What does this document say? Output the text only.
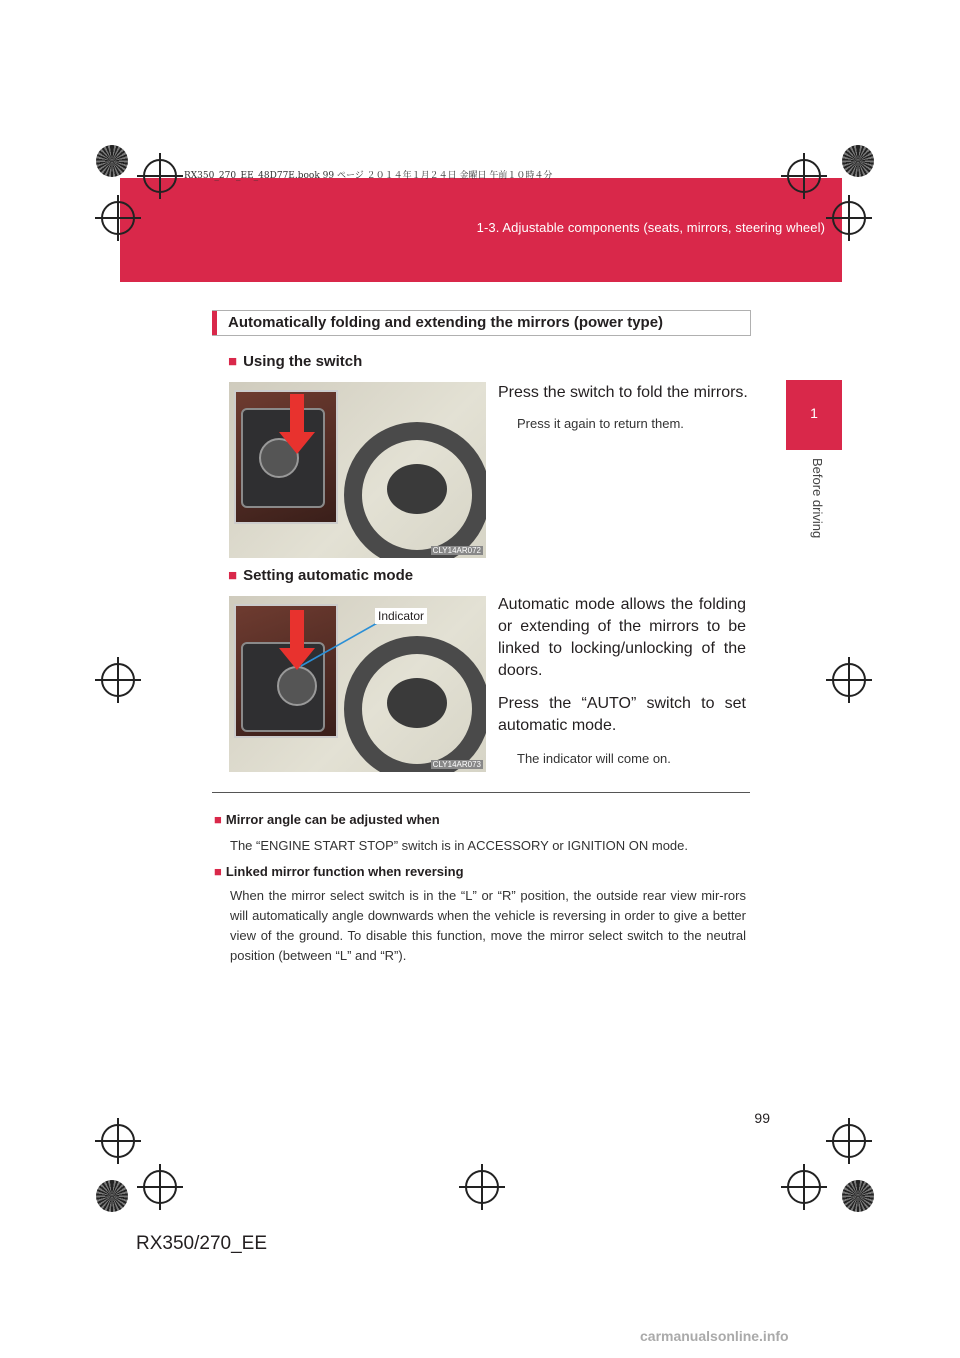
RX350_270_EE_48D77E.book 99 ページ ２０１４年１月２４日 金曜日 午前１０時４分
1-3. Adjustable components (seats, mirrors, steering wheel)
1
Before driving
Automatically folding and extending the mirrors (power type)
■ Using the switch
CLY14AR072
Press the switch to fold the mirrors.
Press it again to return them.
■ Setting automatic mode
CLY14AR073
Indicator
Automatic mode allows the folding or extending of the mirrors to be linked to locking/unlocking of the doors.
Press the “AUTO” switch to set automatic mode.
The indicator will come on.
■ Mirror angle can be adjusted when
The “ENGINE START STOP” switch is in ACCESSORY or IGNITION ON mode.
■ Linked mirror function when reversing
When the mirror select switch is in the “L” or “R” position, the outside rear view mir-rors will automatically angle downwards when the vehicle is reversing in order to give a better view of the ground. To disable this function, move the mirror select switch to the neutral position (between “L” and “R”).
99
RX350/270_EE
carmanualsonline.info
